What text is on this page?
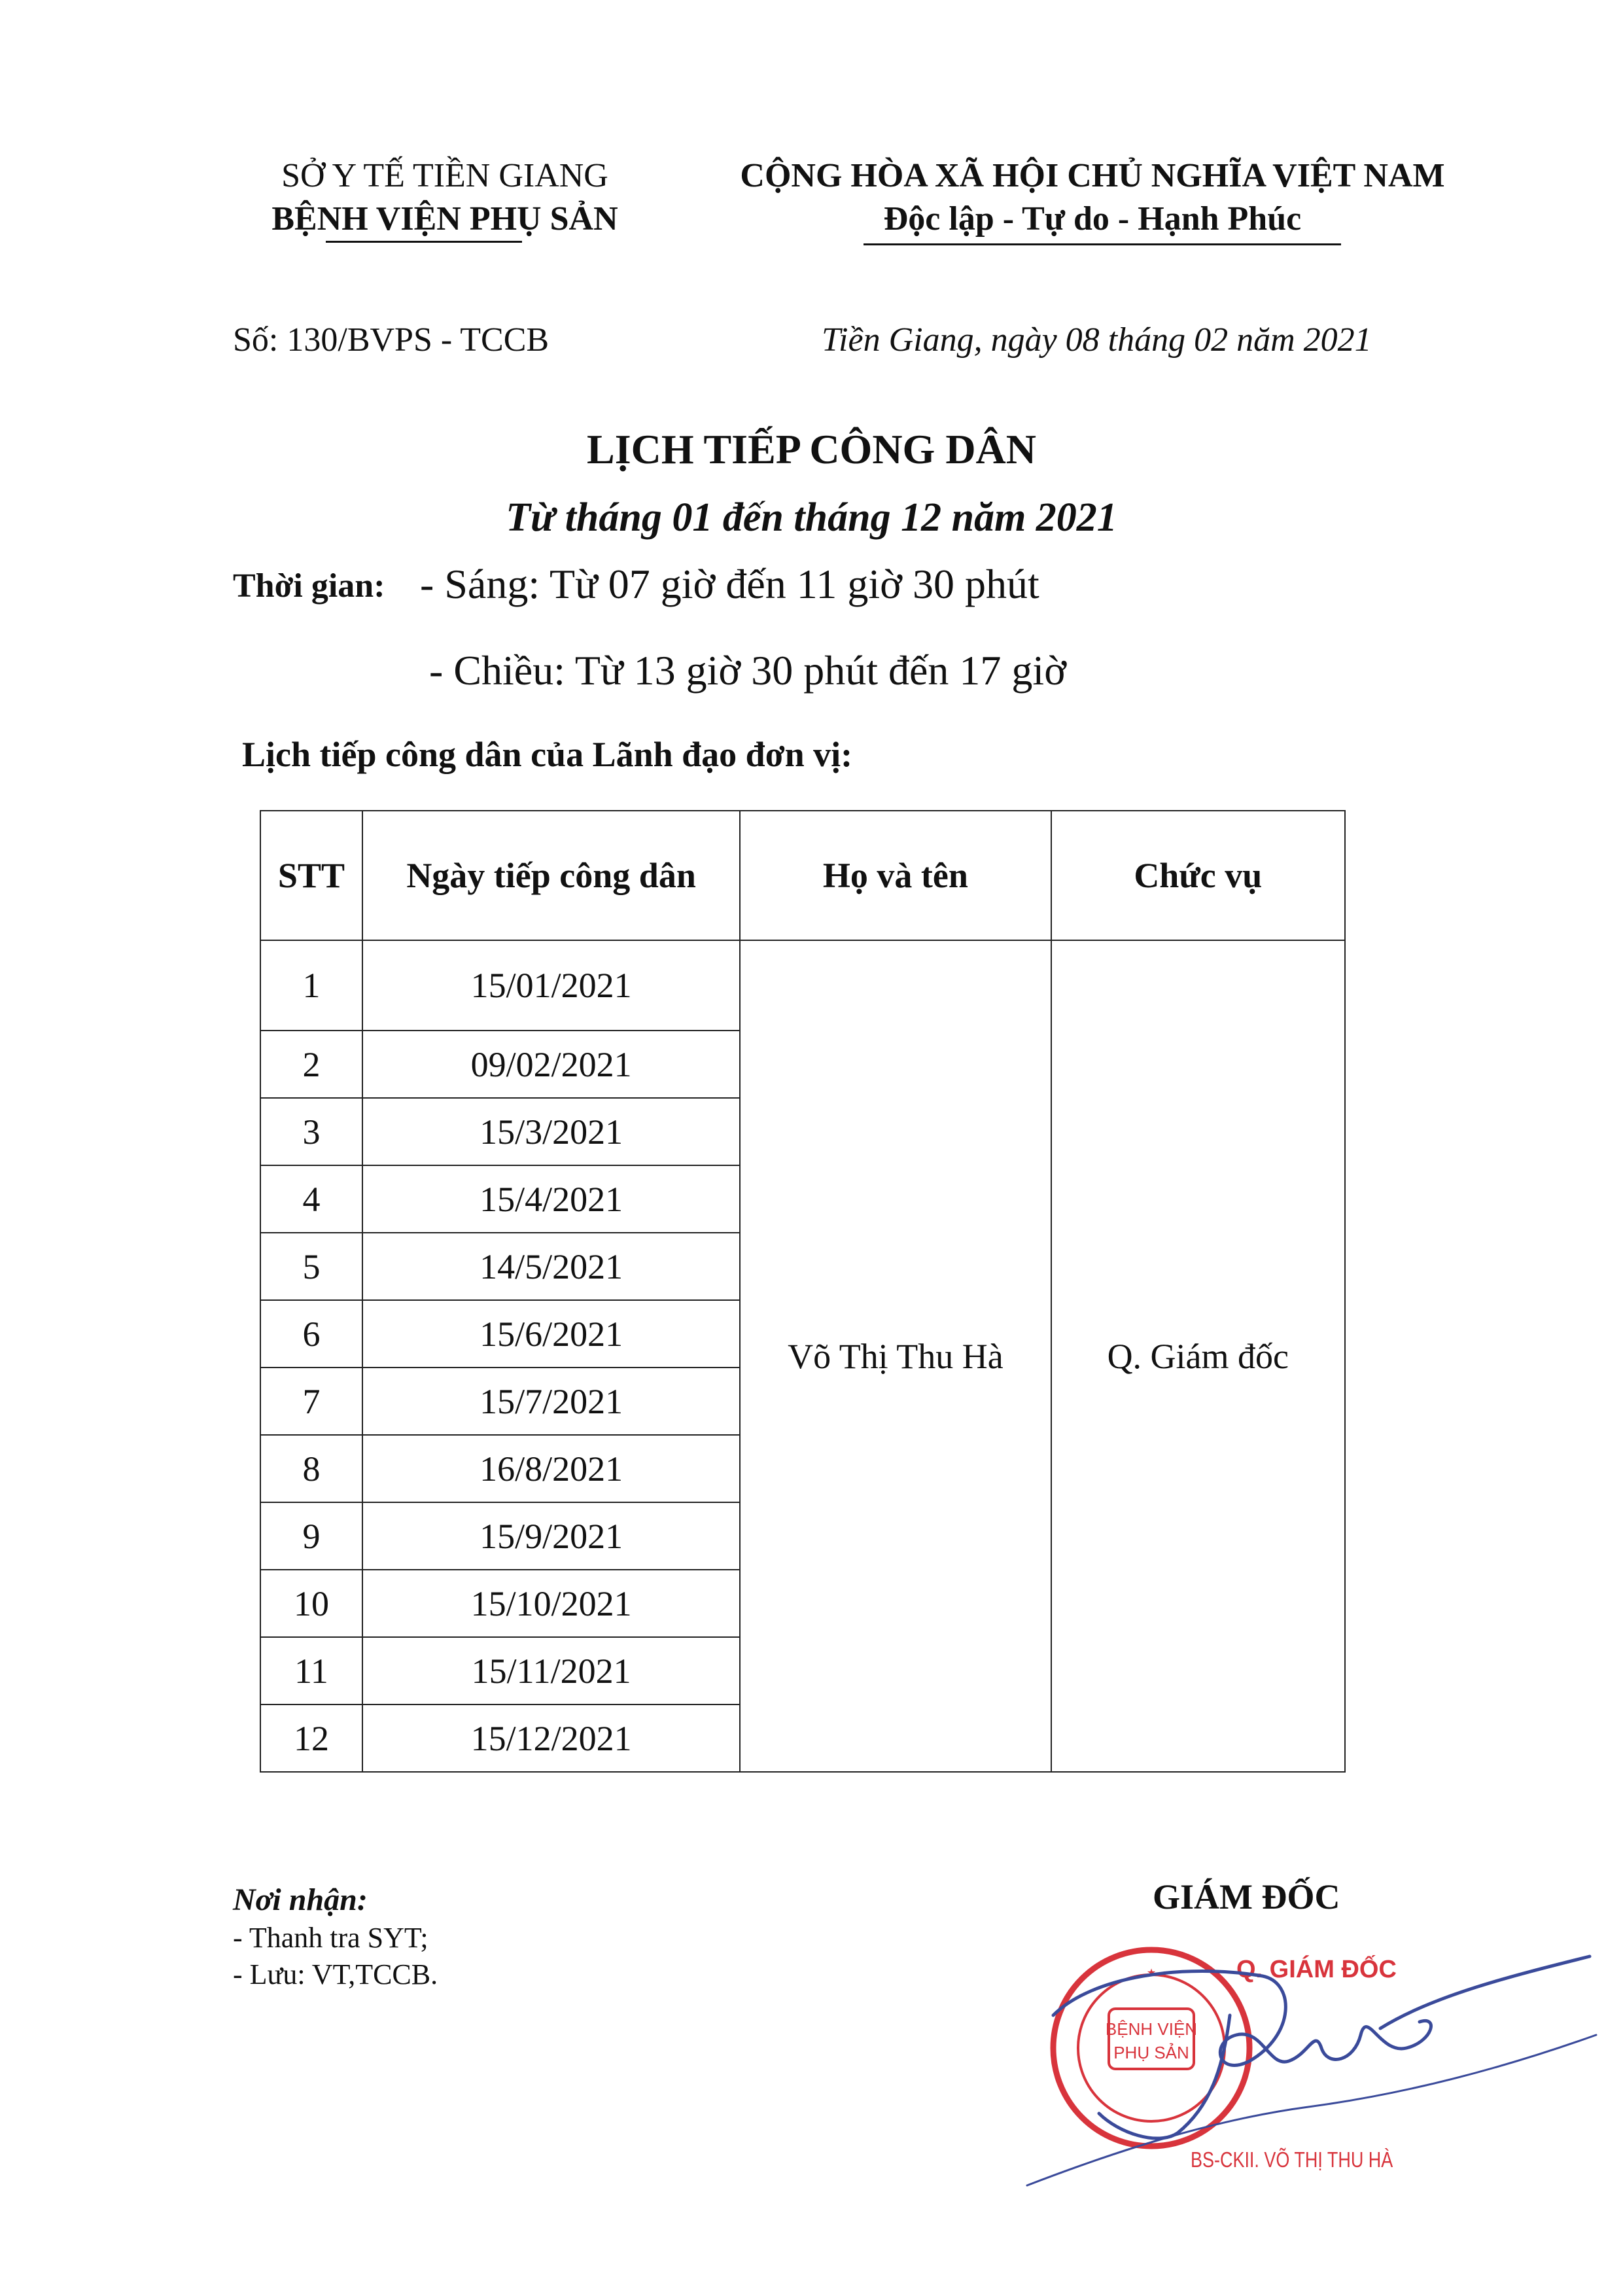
SỞ Y TẾ TIỀN GIANG
BỆNH VIỆN PHỤ SẢN
CỘNG HÒA XÃ HỘI CHỦ NGHĨA VIỆT NAM
Độc lập - Tự do - Hạnh Phúc
Số: 130/BVPS - TCCB	Tiền Giang, ngày 08 tháng 02 năm 2021
LỊCH TIẾP CÔNG DÂN
Từ tháng 01 đến tháng 12 năm 2021
Thời gian: - Sáng: Từ 07 giờ đến 11 giờ 30 phút
- Chiều: Từ 13 giờ 30 phút đến 17 giờ
Lịch tiếp công dân của Lãnh đạo đơn vị:
STT	Ngày tiếp công dân	Họ và tên	Chức vụ
1	15/01/2021	Võ Thị Thu Hà	Q. Giám đốc
2	09/02/2021		
3	15/3/2021		
4	15/4/2021		
5	14/5/2021		
6	15/6/2021		
7	15/7/2021		
8	16/8/2021		
9	15/9/2021		
10	15/10/2021		
11	15/11/2021		
12	15/12/2021		
Nơi nhận:
- Thanh tra SYT;
- Lưu: VT,TCCB.
GIÁM ĐỐC
BỆNH VIỆN
PHỤ SẢN
★	Q. GIÁM ĐỐC
BS-CKII. VÕ THỊ THU HÀ
